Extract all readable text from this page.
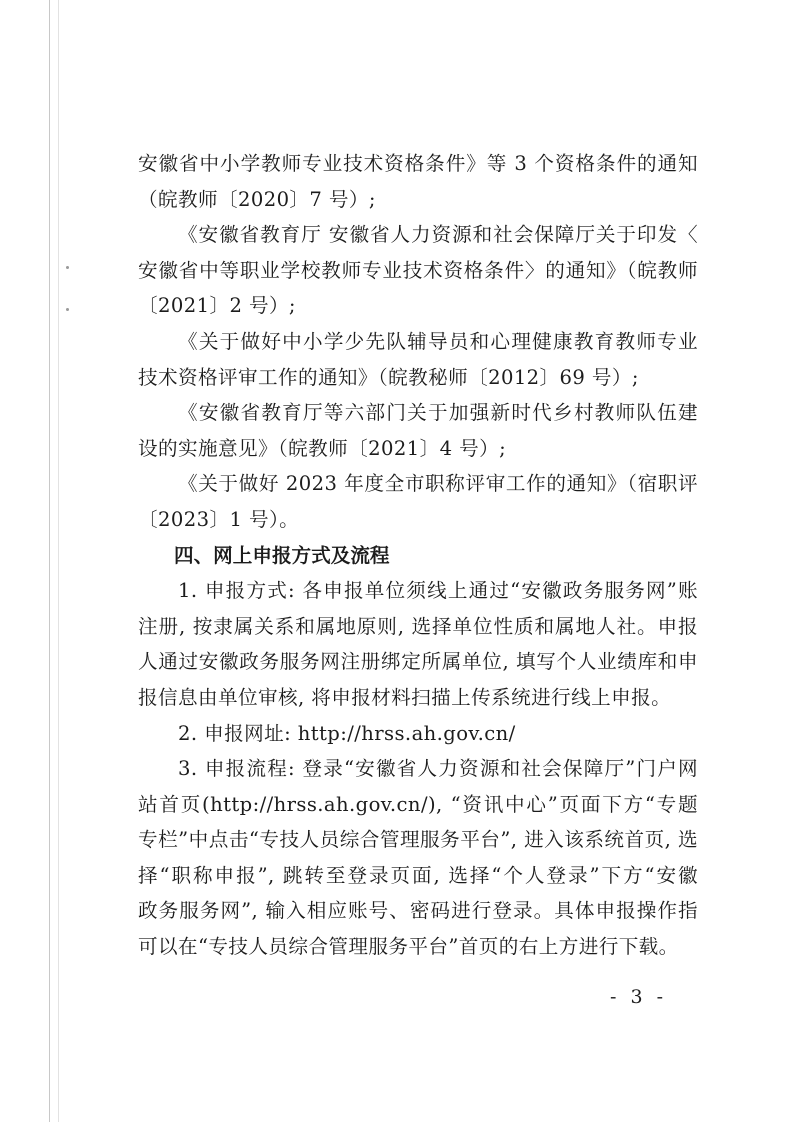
安徽省中小学教师专业技术资格条件》等 3 个资格条件的通知
（皖教师〔2020〕7 号）;
《安徽省教育厅 安徽省人力资源和社会保障厅关于印发〈
安徽省中等职业学校教师专业技术资格条件〉的通知》（皖教师
〔2021〕2 号）;
《关于做好中小学少先队辅导员和心理健康教育教师专业
技术资格评审工作的通知》（皖教秘师〔2012〕69 号）;
《安徽省教育厅等六部门关于加强新时代乡村教师队伍建
设的实施意见》（皖教师〔2021〕4 号）;
《关于做好 2023 年度全市职称评审工作的通知》（宿职评
〔2023〕1 号）。
四、网上申报方式及流程
1. 申报方式: 各申报单位须线上通过“安徽政务服务网”账
注册, 按隶属关系和属地原则, 选择单位性质和属地人社。申报
人通过安徽政务服务网注册绑定所属单位, 填写个人业绩库和申
报信息由单位审核, 将申报材料扫描上传系统进行线上申报。
2. 申报网址: http://hrss.ah.gov.cn/
3. 申报流程: 登录“安徽省人力资源和社会保障厅”门户网
站首页(http://hrss.ah.gov.cn/), “资讯中心”页面下方“专题
专栏”中点击“专技人员综合管理服务平台”, 进入该系统首页, 选
择“职称申报”, 跳转至登录页面, 选择“个人登录”下方“安徽
政务服务网”, 输入相应账号、密码进行登录。具体申报操作指
可以在“专技人员综合管理服务平台”首页的右上方进行下载。
- 3 -
